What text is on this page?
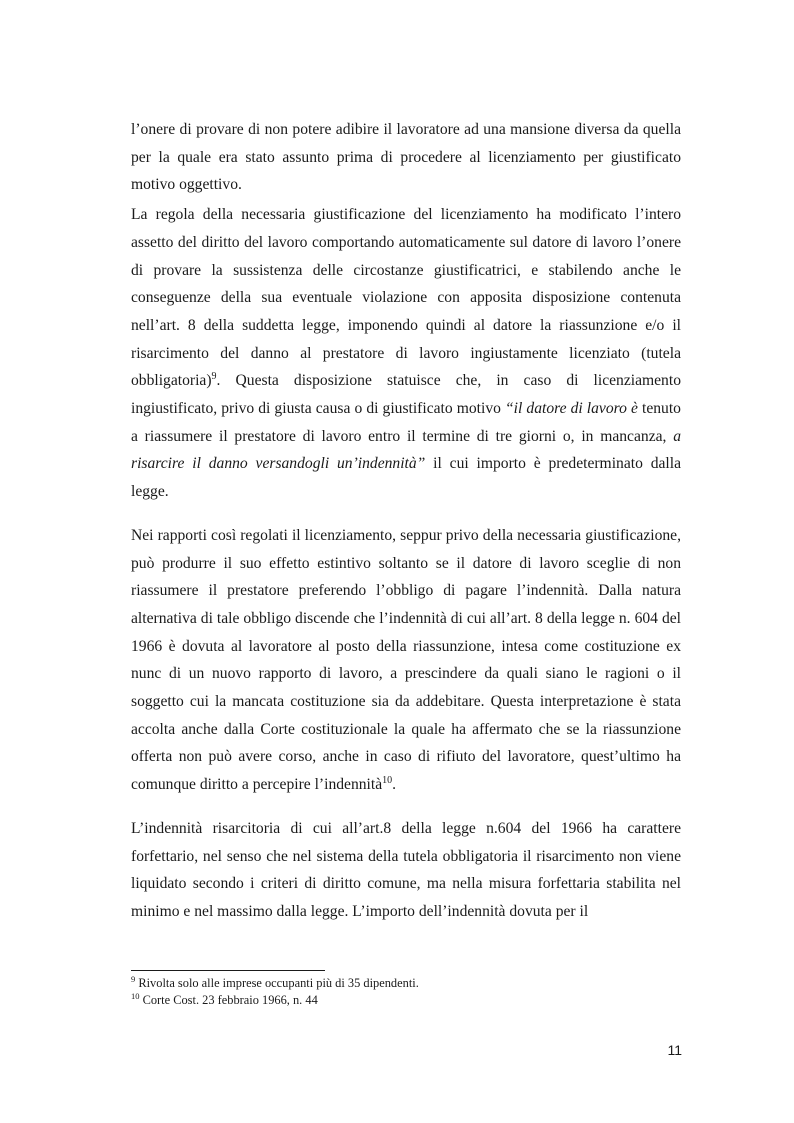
l’onere di provare di non potere adibire il lavoratore ad una mansione diversa da quella per la quale era stato assunto prima di procedere al licenziamento per giustificato motivo oggettivo.

La regola della necessaria giustificazione del licenziamento ha modificato l’intero assetto del diritto del lavoro comportando automaticamente sul datore di lavoro l’onere di provare la sussistenza delle circostanze giustificatrici, e stabilendo anche le conseguenze della sua eventuale violazione con apposita disposizione contenuta nell’art. 8 della suddetta legge, imponendo quindi al datore la riassunzione e/o il risarcimento del danno al prestatore di lavoro ingiustamente licenziato (tutela obbligatoria)$^9$. Questa disposizione statuisce che, in caso di licenziamento ingiustificato, privo di giusta causa o di giustificato motivo “il datore di lavoro è tenuto a riassumere il prestatore di lavoro entro il termine di tre giorni o, in mancanza, a risarcire il danno versandogli un’indennità” il cui importo è predeterminato dalla legge.

Nei rapporti così regolati il licenziamento, seppur privo della necessaria giustificazione, può produrre il suo effetto estintivo soltanto se il datore di lavoro sceglie di non riassumere il prestatore preferendo l’obbligo di pagare l’indennità. Dalla natura alternativa di tale obbligo discende che l’indennità di cui all’art. 8 della legge n. 604 del 1966 è dovuta al lavoratore al posto della riassunzione, intesa come costituzione ex nunc di un nuovo rapporto di lavoro, a prescindere da quali siano le ragioni o il soggetto cui la mancata costituzione sia da addebitare. Questa interpretazione è stata accolta anche dalla Corte costituzionale la quale ha affermato che se la riassunzione offerta non può avere corso, anche in caso di rifiuto del lavoratore, quest’ultimo ha comunque diritto a percepire l’indennità$^{10}$.

L’indennità risarcitoria di cui all’art.8 della legge n.604 del 1966 ha carattere forfettario, nel senso che nel sistema della tutela obbligatoria il risarcimento non viene liquidato secondo i criteri di diritto comune, ma nella misura forfettaria stabilita nel minimo e nel massimo dalla legge. L’importo dell’indennità dovuta per il

$^9$ Rivolta solo alle imprese occupanti più di 35 dipendenti.

$^{10}$ Corte Cost. 23 febbraio 1966, n. 44

11
